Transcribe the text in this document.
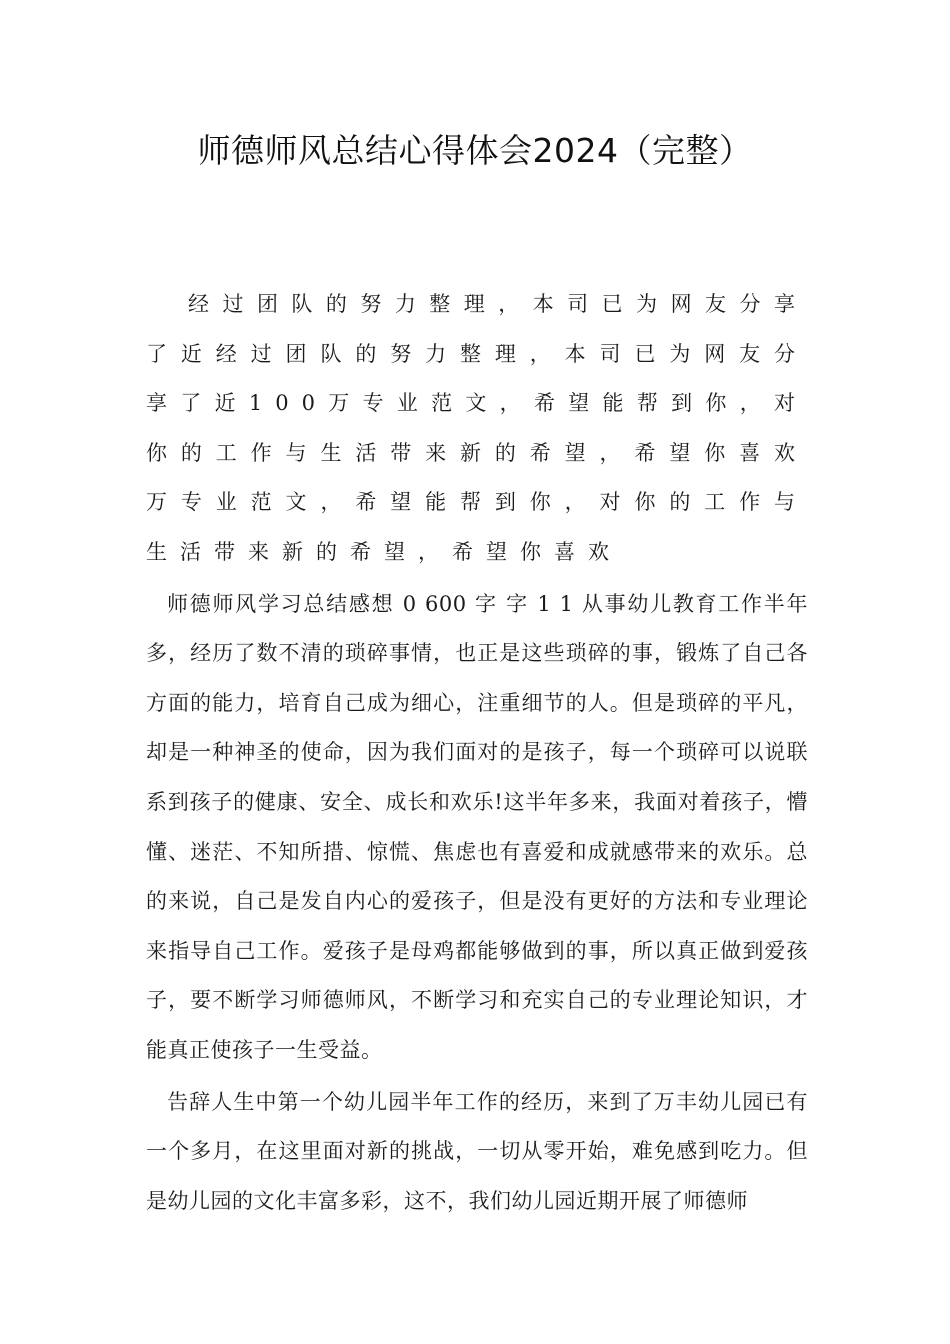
师德师风总结心得体会2024（完整）

经过团队的努力整理，本司已为网友分享了近经过团队的努力整理，本司已为网友分享了近100万专业范文，希望能帮到你，对你的工作与生活带来新的希望，希望你喜欢万专业范文，希望能帮到你，对你的工作与生活带来新的希望，希望你喜欢

师德师风学习总结感想 0 600 字 字 1 1 从事幼儿教育工作半年多，经历了数不清的琐碎事情，也正是这些琐碎的事，锻炼了自己各方面的能力，培育自己成为细心，注重细节的人。但是琐碎的平凡，却是一种神圣的使命，因为我们面对的是孩子，每一个琐碎可以说联系到孩子的健康、安全、成长和欢乐!这半年多来，我面对着孩子，懵懂、迷茫、不知所措、惊慌、焦虑也有喜爱和成就感带来的欢乐。总的来说，自己是发自内心的爱孩子，但是没有更好的方法和专业理论来指导自己工作。爱孩子是母鸡都能够做到的事，所以真正做到爱孩子，要不断学习师德师风，不断学习和充实自己的专业理论知识，才能真正使孩子一生受益。

告辞人生中第一个幼儿园半年工作的经历，来到了万丰幼儿园已有一个多月，在这里面对新的挑战，一切从零开始，难免感到吃力。但是幼儿园的文化丰富多彩，这不，我们幼儿园近期开展了师德师
